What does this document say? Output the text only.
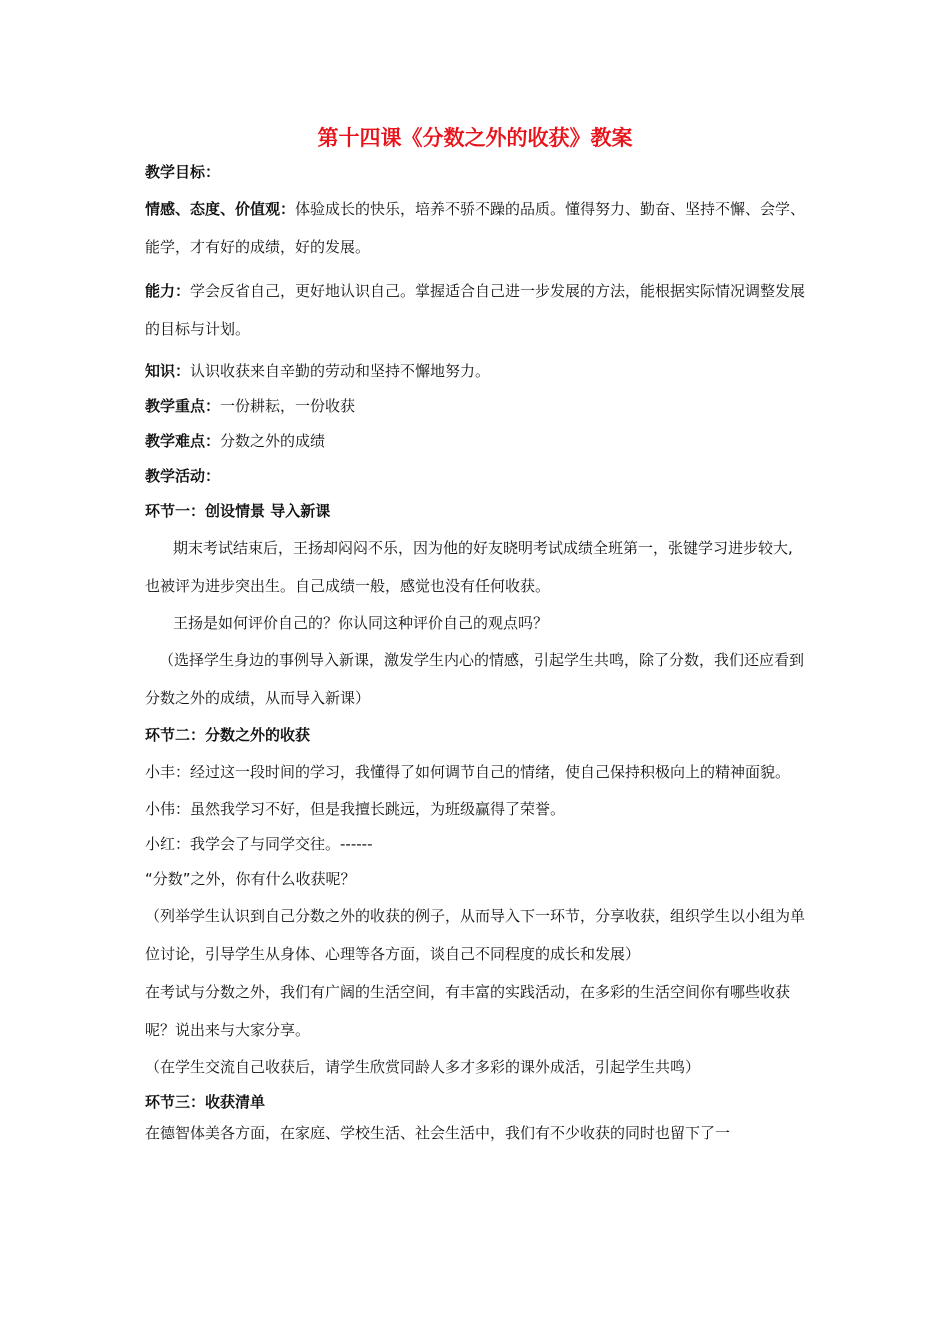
第十四课《分数之外的收获》教案

教学目标：

情感、态度、价值观：体验成长的快乐，培养不骄不躁的品质。懂得努力、勤奋、坚持不懈、会学、能学，才有好的成绩，好的发展。

能力：学会反省自己，更好地认识自己。掌握适合自己进一步发展的方法，能根据实际情况调整发展的目标与计划。

知识：认识收获来自辛勤的劳动和坚持不懈地努力。

教学重点：一份耕耘，一份收获

教学难点：分数之外的成绩

教学活动：

环节一：创设情景 导入新课

期末考试结束后，王扬却闷闷不乐，因为他的好友晓明考试成绩全班第一，张键学习进步较大,也被评为进步突出生。自己成绩一般，感觉也没有任何收获。

王扬是如何评价自己的？你认同这种评价自己的观点吗？

（选择学生身边的事例导入新课，激发学生内心的情感，引起学生共鸣，除了分数，我们还应看到分数之外的成绩，从而导入新课）

环节二：分数之外的收获

小丰：经过这一段时间的学习，我懂得了如何调节自己的情绪，使自己保持积极向上的精神面貌。

小伟：虽然我学习不好，但是我擅长跳远，为班级赢得了荣誉。

小红：我学会了与同学交往。------

“分数”之外，你有什么收获呢？

（列举学生认识到自己分数之外的收获的例子，从而导入下一环节，分享收获，组织学生以小组为单位讨论，引导学生从身体、心理等各方面，谈自己不同程度的成长和发展）

在考试与分数之外，我们有广阔的生活空间，有丰富的实践活动，在多彩的生活空间你有哪些收获呢？说出来与大家分享。

（在学生交流自己收获后，请学生欣赏同龄人多才多彩的课外成活，引起学生共鸣）

环节三：收获清单

在德智体美各方面，在家庭、学校生活、社会生活中，我们有不少收获的同时也留下了一
